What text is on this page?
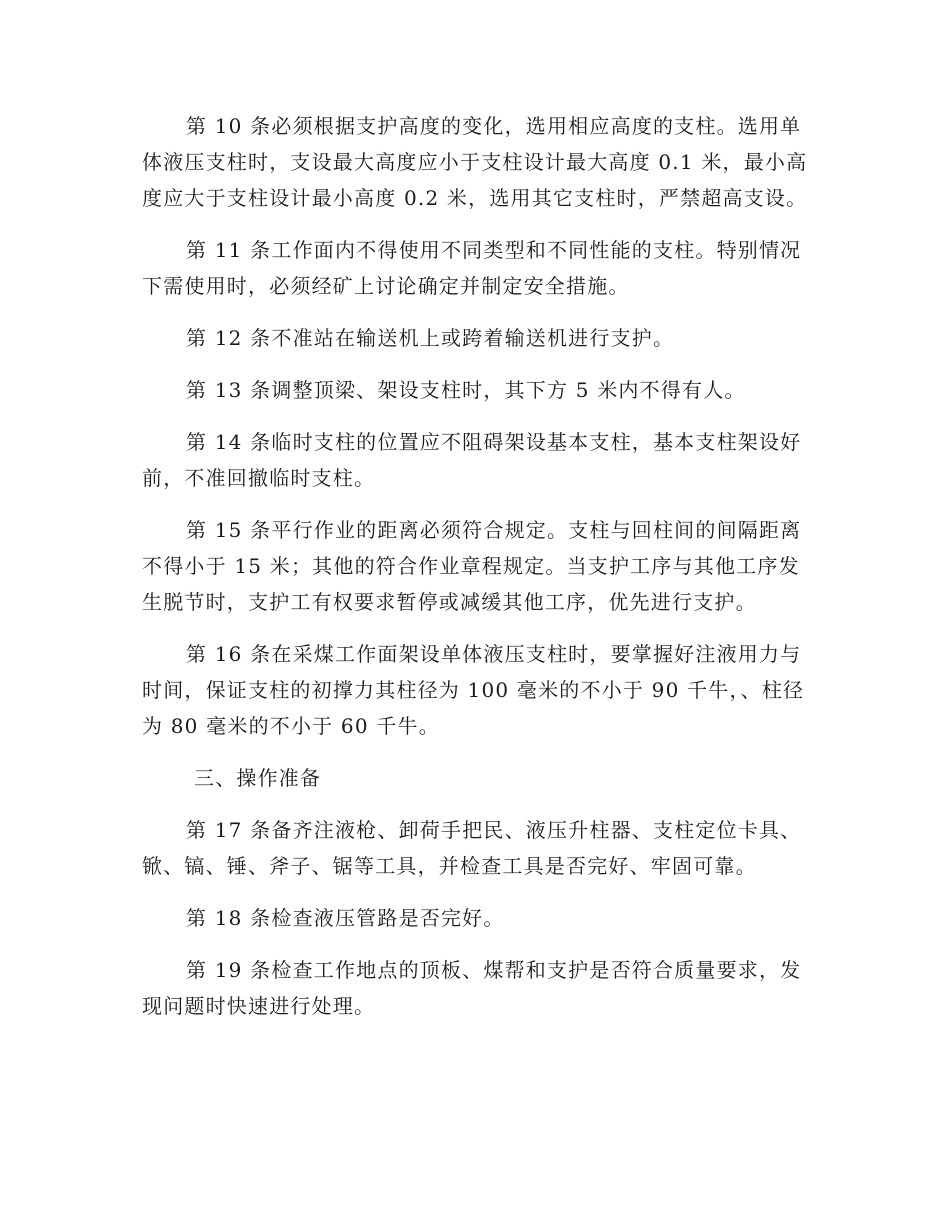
第 10 条必须根据支护高度的变化，选用相应高度的支柱。选用单体液压支柱时，支设最大高度应小于支柱设计最大高度 0.1 米，最小高度应大于支柱设计最小高度 0.2 米，选用其它支柱时，严禁超高支设。

第 11 条工作面内不得使用不同类型和不同性能的支柱。特别情况下需使用时，必须经矿上讨论确定并制定安全措施。

第 12 条不准站在输送机上或跨着输送机进行支护。

第 13 条调整顶梁、架设支柱时，其下方 5 米内不得有人。

第 14 条临时支柱的位置应不阻碍架设基本支柱，基本支柱架设好前，不准回撤临时支柱。

第 15 条平行作业的距离必须符合规定。支柱与回柱间的间隔距离不得小于 15 米；其他的符合作业章程规定。当支护工序与其他工序发生脱节时，支护工有权要求暂停或减缓其他工序，优先进行支护。

第 16 条在采煤工作面架设单体液压支柱时，要掌握好注液用力与时间，保证支柱的初撑力其柱径为 100 毫米的不小于 90 千牛，、柱径为 80 毫米的不小于 60 千牛。

三、操作准备

第 17 条备齐注液枪、卸荷手把民、液压升柱器、支柱定位卡具、锨、镐、锤、斧子、锯等工具，并检查工具是否完好、牢固可靠。

第 18 条检查液压管路是否完好。

第 19 条检查工作地点的顶板、煤帮和支护是否符合质量要求，发现问题时快速进行处理。
